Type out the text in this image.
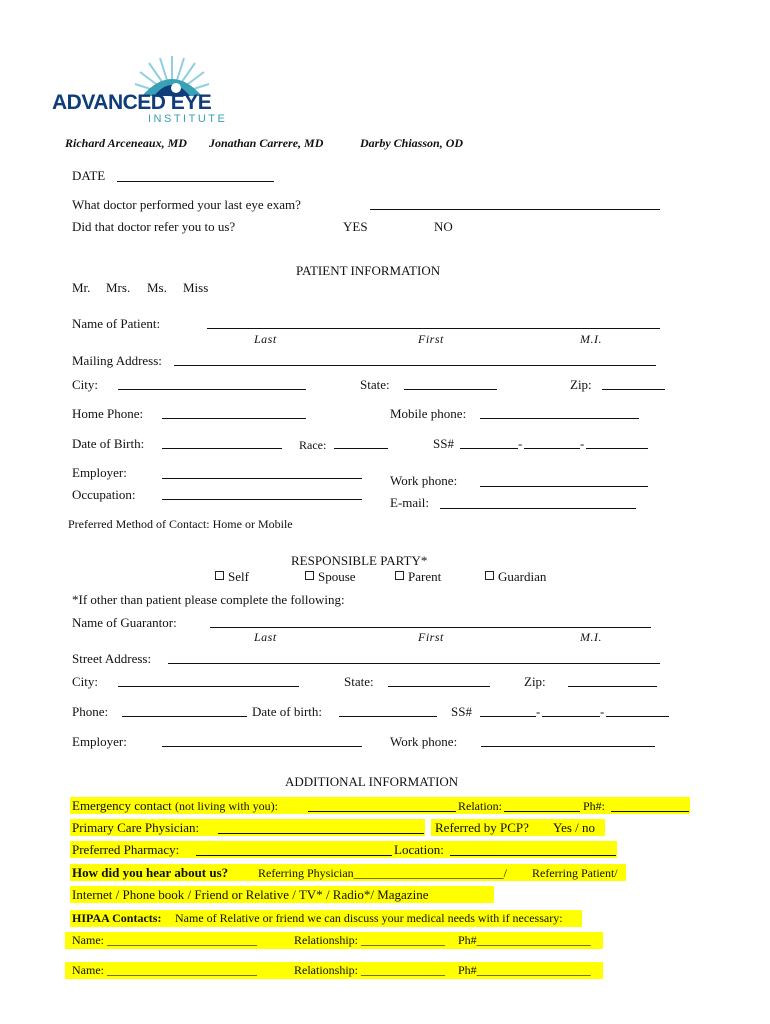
ADVANCED EYE
INSTITUTE
Richard Arceneaux, MD Jonathan Carrere, MD	Darby Chiasson, OD
DATE
What doctor performed your last eye exam?
Did that doctor refer you to us?	YES	NO
PATIENT INFORMATION
Mr. Mrs. Ms. Miss
Name of Patient:
Last	First	M.I.
Mailing Address:
City:	State:	Zip:
Home Phone:	Mobile phone:
Date of Birth:	Race:	SS#	-	-
Employer:
Occupation:
Work phone:
E-mail:
Preferred Method of Contact: Home or Mobile
RESPONSIBLE PARTY*
Self	Spouse	Parent	Guardian
*If other than patient please complete the following:
Name of Guarantor:
Last	First	M.I.
Street Address:
City:	State:	Zip:
Phone:	Date of birth:	SS#	-	-
Employer:	Work phone:
ADDITIONAL INFORMATION
Emergency contact (not living with you):	Relation:	Ph#:
Primary Care Physician:	Referred by PCP? Yes / no
Preferred Pharmacy:	Location:
How did you hear about us? Referring Physician_________________________/ Referring Patient/
Internet / Phone book / Friend or Relative / TV* / Radio*/ Magazine
HIPAA Contacts: Name of Relative or friend we can discuss your medical needs with if necessary:
Name: _________________________	Relationship: ______________ Ph#___________________
Name: _________________________	Relationship: ______________ Ph#___________________
